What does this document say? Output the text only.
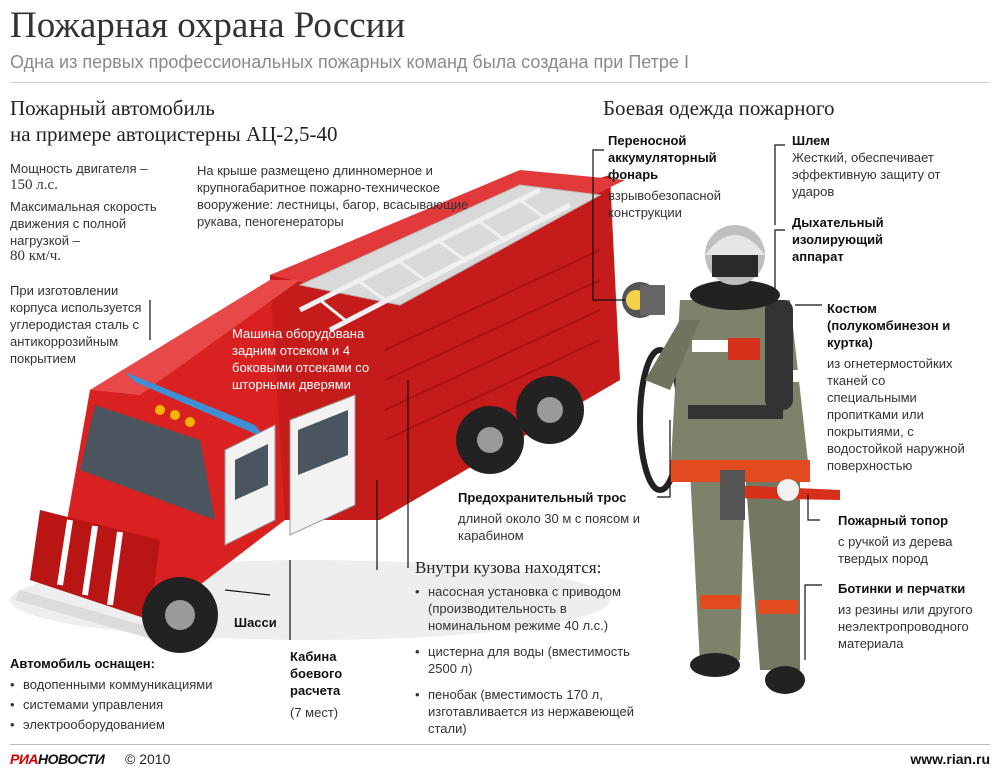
Пожарная охрана России
Одна из первых профессиональных пожарных команд была создана при Петре I
Пожарный автомобиль
на примере автоцистерны АЦ-2,5-40
Мощность двигателя –
150 л.с.
Максимальная скорость движения с полной нагрузкой –
80 км/ч.
При изготовлении корпуса используется углеродистая сталь с антикоррозийным покрытием
На крыше размещено длинномерное и крупногабаритное пожарно-техническое вооружение: лестницы, багор, всасывающие рукава, пеногенераторы
Машина оборудована задним отсеком и 4 боковыми отсеками со шторными дверями
Шасси
Кабина боевого расчета
(7 мест)
Автомобиль оснащен:
• водопенными коммуникациями
• системами управления
• электрооборудованием
Внутри кузова находятся:
• насосная установка с приводом (производительность в номинальном режиме 40 л.с.)
• цистерна для воды (вместимость 2500 л)
• пенобак (вместимость 170 л, изготавливается из нержавеющей стали)
Боевая одежда пожарного
Переносной аккумуляторный фонарь
взрывобезопасной конструкции
Шлем
Жесткий, обеспечивает эффективную защиту от ударов
Дыхательный изолирующий аппарат
Костюм (полукомбинезон и куртка)
из огнетермостойких тканей со специальными пропитками или покрытиями, с водостойкой наружной поверхностью
Предохранительный трос
длиной около 30 м с поясом и карабином
Пожарный топор
с ручкой из дерева твердых пород
Ботинки и перчатки
из резины или другого неэлектропроводного материала
РИАНОВОСТИ © 2010	www.rian.ru
